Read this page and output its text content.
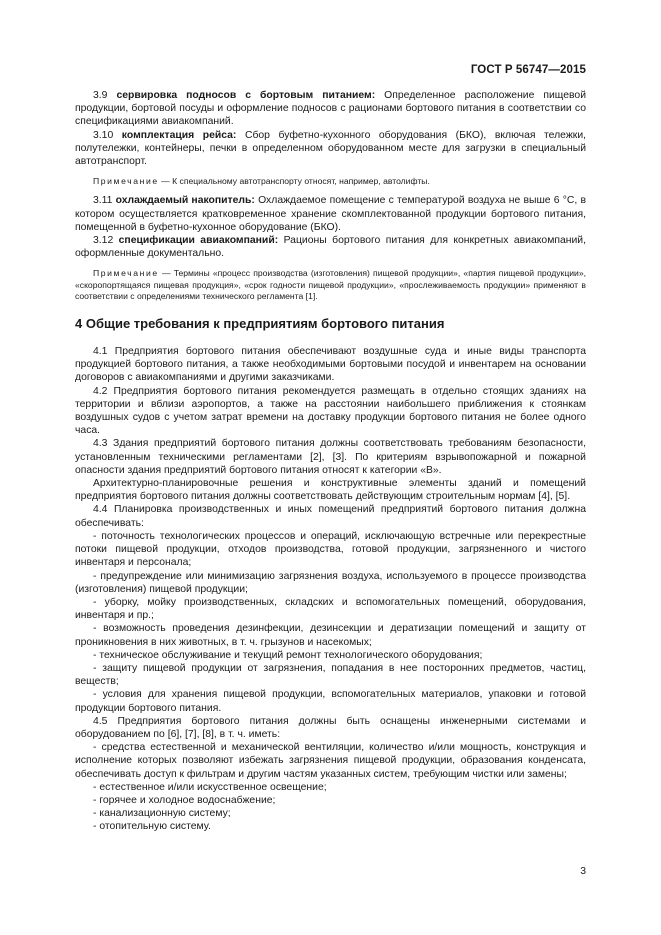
ГОСТ Р 56747—2015

3.9 сервировка подносов с бортовым питанием: Определенное расположение пищевой продукции, бортовой посуды и оформление подносов с рационами бортового питания в соответствии со спецификациями авиакомпаний.

3.10 комплектация рейса: Сбор буфетно-кухонного оборудования (БКО), включая тележки, полутележки, контейнеры, печки в определенном оборудованном месте для загрузки в специальный автотранспорт.

Примечание — К специальному автотранспорту относят, например, автолифты.

3.11 охлаждаемый накопитель: Охлаждаемое помещение с температурой воздуха не выше 6 °С, в котором осуществляется кратковременное хранение скомплектованной продукции бортового питания, помещенной в буфетно-кухонное оборудование (БКО).

3.12 спецификации авиакомпаний: Рационы бортового питания для конкретных авиакомпаний, оформленные документально.

Примечание — Термины «процесс производства (изготовления) пищевой продукции», «партия пищевой продукции», «скоропортящаяся пищевая продукция», «срок годности пищевой продукции», «прослеживаемость продукции» применяют в соответствии с определениями технического регламента [1].

4 Общие требования к предприятиям бортового питания

4.1 Предприятия бортового питания обеспечивают воздушные суда и иные виды транспорта продукцией бортового питания, а также необходимыми бортовыми посудой и инвентарем на основании договоров с авиакомпаниями и другими заказчиками.

4.2 Предприятия бортового питания рекомендуется размещать в отдельно стоящих зданиях на территории и вблизи аэропортов, а также на расстоянии наибольшего приближения к стоянкам воздушных судов с учетом затрат времени на доставку продукции бортового питания не более одного часа.

4.3 Здания предприятий бортового питания должны соответствовать требованиям безопасности, установленным техническими регламентами [2], [3]. По критериям взрывопожарной и пожарной опасности здания предприятий бортового питания относят к категории «В».

Архитектурно-планировочные решения и конструктивные элементы зданий и помещений предприятия бортового питания должны соответствовать действующим строительным нормам [4], [5].

4.4 Планировка производственных и иных помещений предприятий бортового питания должна обеспечивать:

- поточность технологических процессов и операций, исключающую встречные или перекрестные потоки пищевой продукции, отходов производства, готовой продукции, загрязненного и чистого инвентаря и персонала;

- предупреждение или минимизацию загрязнения воздуха, используемого в процессе производства (изготовления) пищевой продукции;

- уборку, мойку производственных, складских и вспомогательных помещений, оборудования, инвентаря и пр.;

- возможность проведения дезинфекции, дезинсекции и дератизации помещений и защиту от проникновения в них животных, в т. ч. грызунов и насекомых;

- техническое обслуживание и текущий ремонт технологического оборудования;

- защиту пищевой продукции от загрязнения, попадания в нее посторонних предметов, частиц, веществ;

- условия для хранения пищевой продукции, вспомогательных материалов, упаковки и готовой продукции бортового питания.

4.5 Предприятия бортового питания должны быть оснащены инженерными системами и оборудованием по [6], [7], [8], в т. ч. иметь:

- средства естественной и механической вентиляции, количество и/или мощность, конструкция и исполнение которых позволяют избежать загрязнения пищевой продукции, образования конденсата, обеспечивать доступ к фильтрам и другим частям указанных систем, требующим чистки или замены;

- естественное и/или искусственное освещение;

- горячее и холодное водоснабжение;

- канализационную систему;

- отопительную систему.

3
